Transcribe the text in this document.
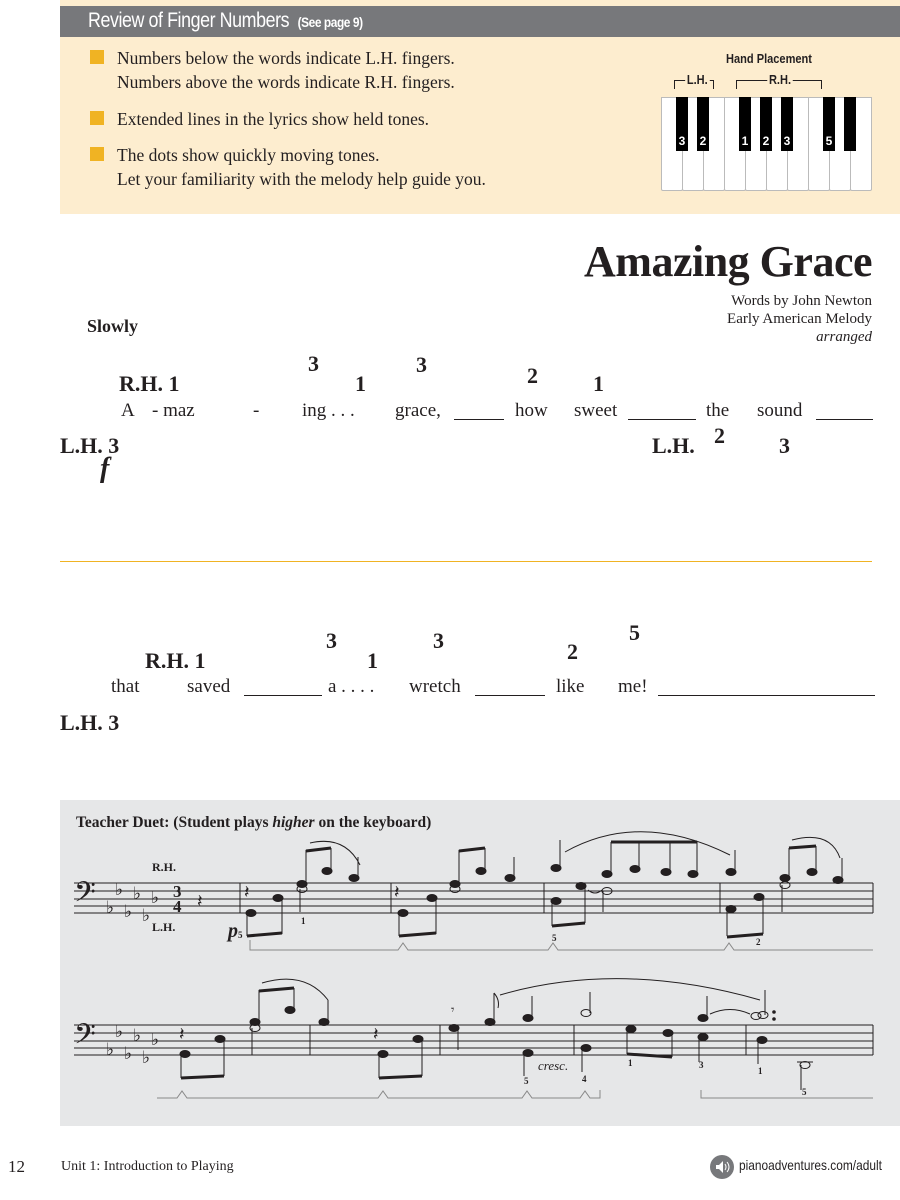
Review of Finger Numbers (See page 9)
Numbers below the words indicate L.H. fingers.
Numbers above the words indicate R.H. fingers.
Extended lines in the lyrics show held tones.
The dots show quickly moving tones.
Let your familiarity with the melody help guide you.
Hand Placement
L.H.	R.H.
3 2	1 2 3	5
Amazing Grace
Words by John Newton
Early American Melody
arranged
Slowly
R.H. 1
3
1
3	2	1
A - maz	- ing . . . grace,	how sweet	the sound
L.H. 3
f
L.H. 2 3
R.H. 1
3
1
3	2
5
that	saved	a . . . . wretch	like me!
L.H. 3
Teacher Duet: (Student plays higher on the keyboard)
R.H.
L.H.	p
cresc.
𝄢
𝄢
♭
♭
♭
♭
♭
♭
♭
♭
♭
♭
♭
♭
3
4 𝄽 𝄽	𝄽
𝄽	𝄽
𝄾
5
1
5	2
5	4
1	3
1
5
12	Unit 1: Introduction to Playing	pianoadventures.com/adult
